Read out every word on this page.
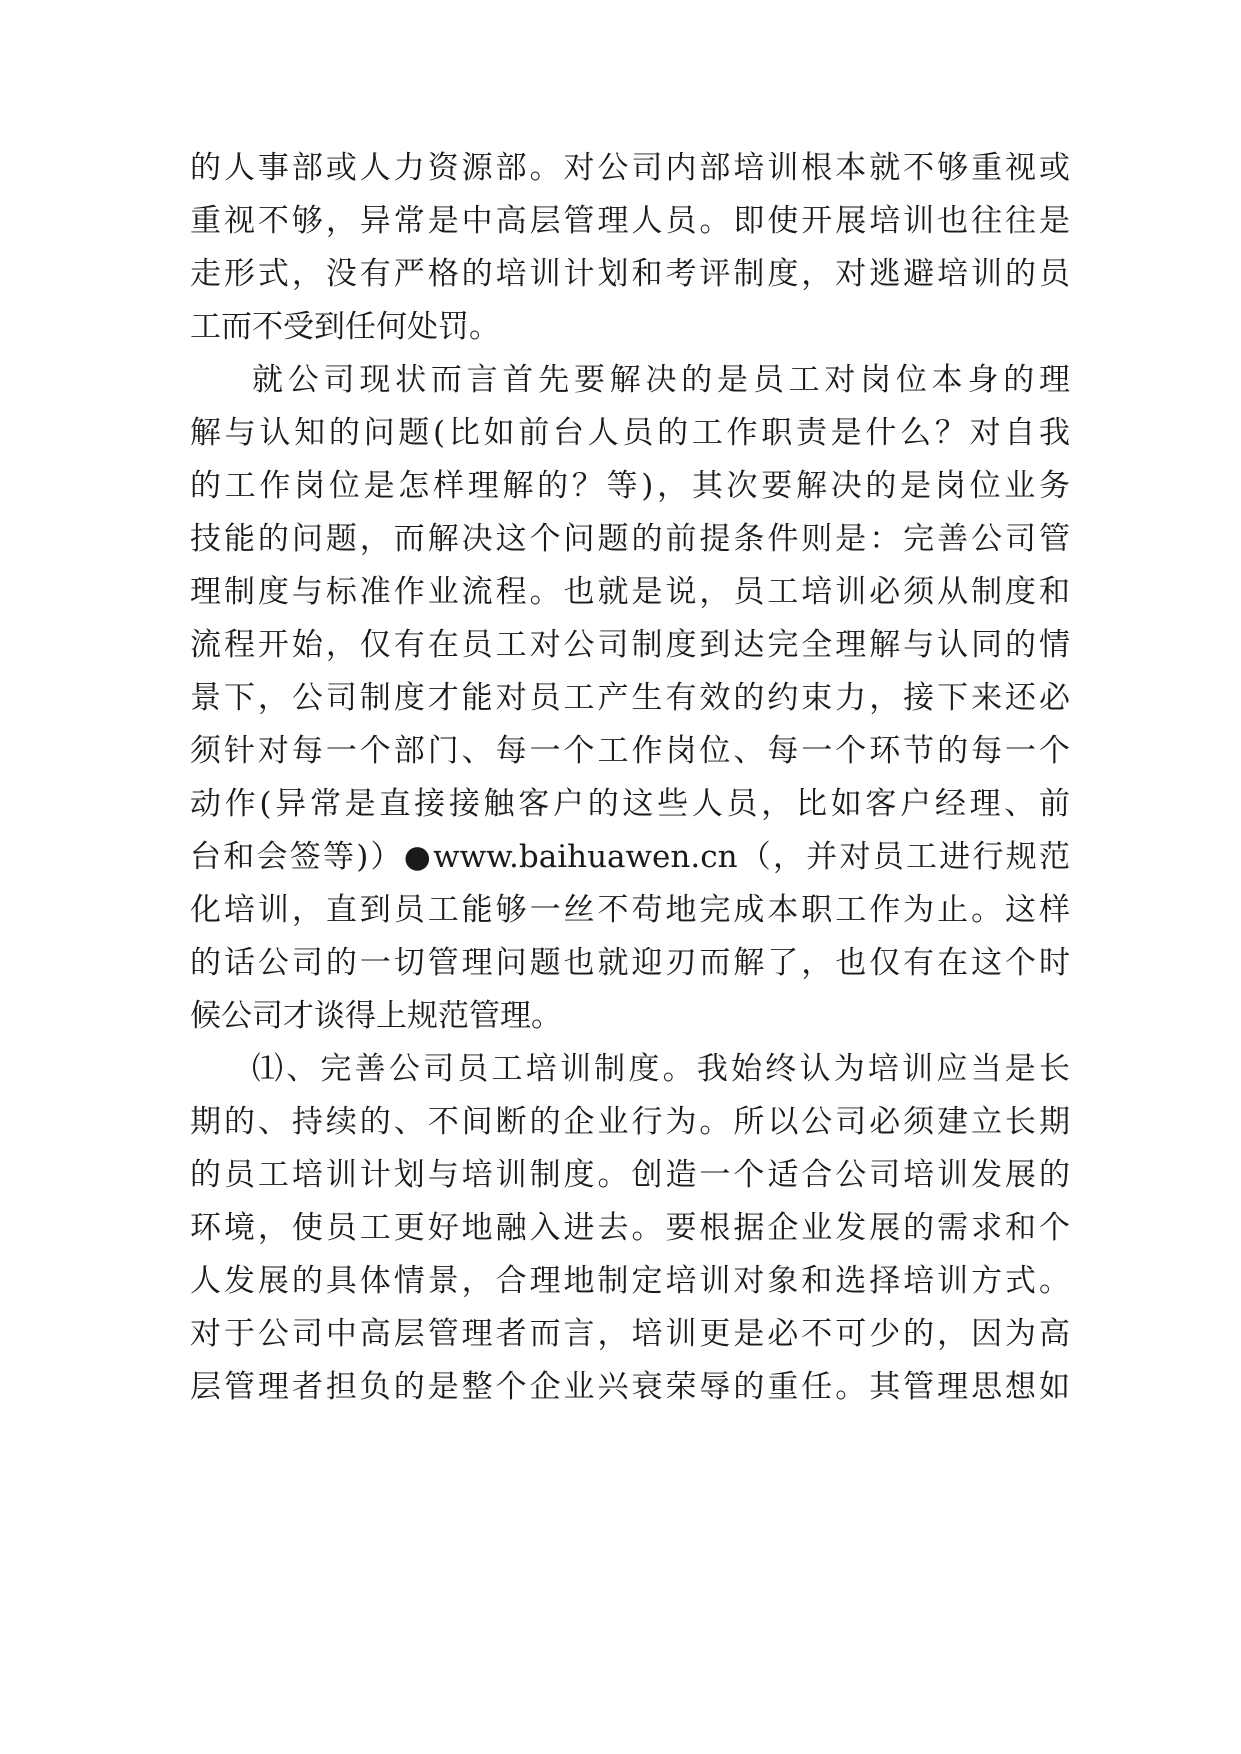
的人事部或人力资源部。对公司内部培训根本就不够重视或
重视不够，异常是中高层管理人员。即使开展培训也往往是
走形式，没有严格的培训计划和考评制度，对逃避培训的员
工而不受到任何处罚。
就公司现状而言首先要解决的是员工对岗位本身的理
解与认知的问题(比如前台人员的工作职责是什么？对自我
的工作岗位是怎样理解的？等)，其次要解决的是岗位业务
技能的问题，而解决这个问题的前提条件则是：完善公司管
理制度与标准作业流程。也就是说，员工培训必须从制度和
流程开始，仅有在员工对公司制度到达完全理解与认同的情
景下，公司制度才能对员工产生有效的约束力，接下来还必
须针对每一个部门、每一个工作岗位、每一个环节的每一个
动作(异常是直接接触客户的这些人员，比如客户经理、前
台和会签等)）●www.baihuawen.cn（，并对员工进行规范
化培训，直到员工能够一丝不苟地完成本职工作为止。这样
的话公司的一切管理问题也就迎刃而解了，也仅有在这个时
候公司才谈得上规范管理。
⑴、完善公司员工培训制度。我始终认为培训应当是长
期的、持续的、不间断的企业行为。所以公司必须建立长期
的员工培训计划与培训制度。创造一个适合公司培训发展的
环境，使员工更好地融入进去。要根据企业发展的需求和个
人发展的具体情景，合理地制定培训对象和选择培训方式。
对于公司中高层管理者而言，培训更是必不可少的，因为高
层管理者担负的是整个企业兴衰荣辱的重任。其管理思想如
